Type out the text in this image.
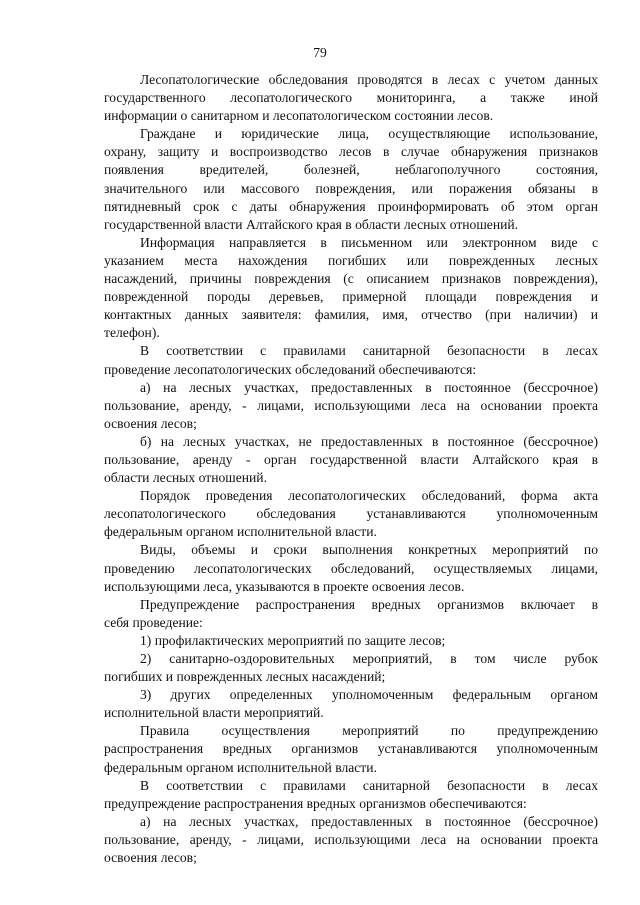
79
Лесопатологические обследования проводятся в лесах с учетом данных
государственного лесопатологического мониторинга, а также иной
информации о санитарном и лесопатологическом состоянии лесов.
Граждане и юридические лица, осуществляющие использование,
охрану, защиту и воспроизводство лесов в случае обнаружения признаков
появления вредителей, болезней, неблагополучного состояния,
значительного или массового повреждения, или поражения обязаны в
пятидневный срок с даты обнаружения проинформировать об этом орган
государственной власти Алтайского края в области лесных отношений.
Информация направляется в письменном или электронном виде с
указанием места нахождения погибших или поврежденных лесных
насаждений, причины повреждения (с описанием признаков повреждения),
поврежденной породы деревьев, примерной площади повреждения и
контактных данных заявителя: фамилия, имя, отчество (при наличии) и
телефон).
В соответствии с правилами санитарной безопасности в лесах
проведение лесопатологических обследований обеспечиваются:
а) на лесных участках, предоставленных в постоянное (бессрочное)
пользование, аренду, - лицами, использующими леса на основании проекта
освоения лесов;
б) на лесных участках, не предоставленных в постоянное (бессрочное)
пользование, аренду - орган государственной власти Алтайского края в
области лесных отношений.
Порядок проведения лесопатологических обследований, форма акта
лесопатологического обследования устанавливаются уполномоченным
федеральным органом исполнительной власти.
Виды, объемы и сроки выполнения конкретных мероприятий по
проведению лесопатологических обследований, осуществляемых лицами,
использующими леса, указываются в проекте освоения лесов.
Предупреждение распространения вредных организмов включает в
себя проведение:
1) профилактических мероприятий по защите лесов;
2) санитарно-оздоровительных мероприятий, в том числе рубок
погибших и поврежденных лесных насаждений;
3) других определенных уполномоченным федеральным органом
исполнительной власти мероприятий.
Правила осуществления мероприятий по предупреждению
распространения вредных организмов устанавливаются уполномоченным
федеральным органом исполнительной власти.
В соответствии с правилами санитарной безопасности в лесах
предупреждение распространения вредных организмов обеспечиваются:
а) на лесных участках, предоставленных в постоянное (бессрочное)
пользование, аренду, - лицами, использующими леса на основании проекта
освоения лесов;
